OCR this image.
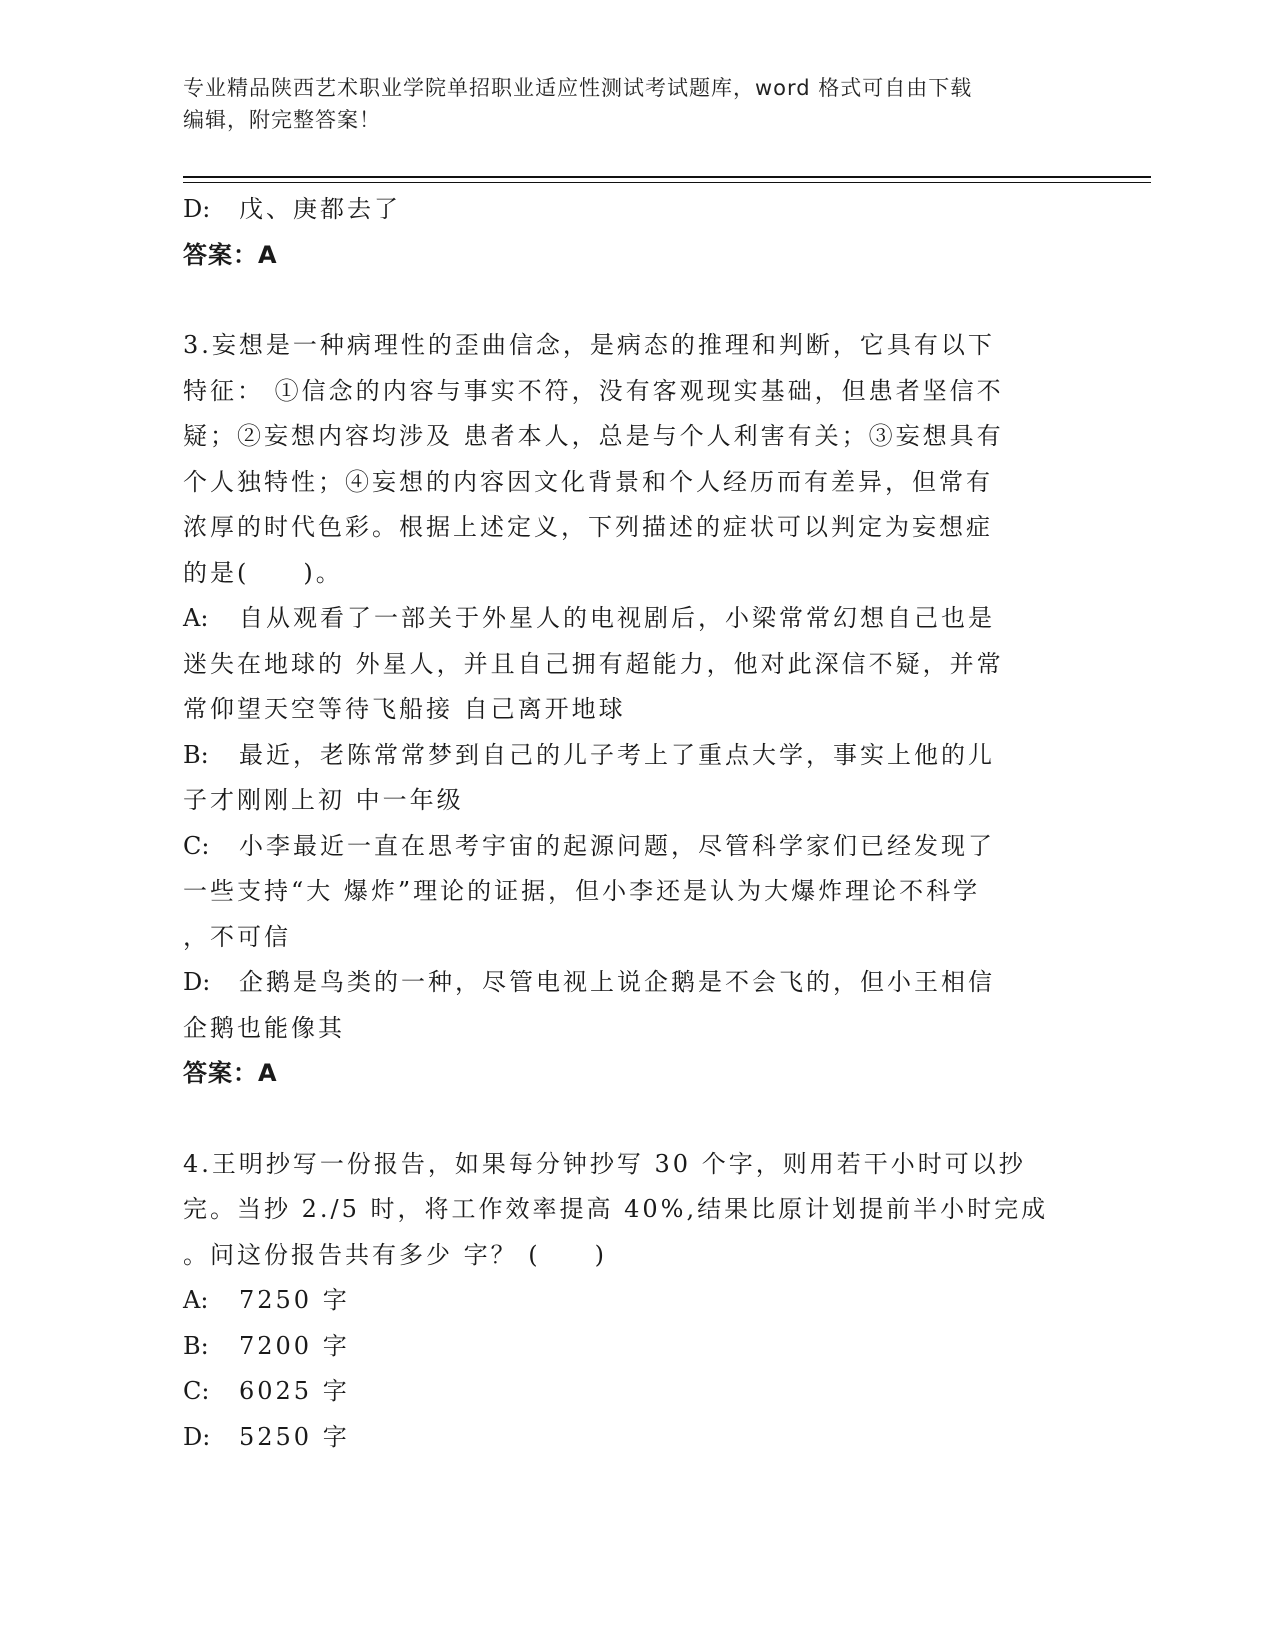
专业精品陕西艺术职业学院单招职业适应性测试考试题库，word 格式可自由下载
编辑，附完整答案！
D: 戊、庚都去了
答案：A
3.妄想是一种病理性的歪曲信念，是病态的推理和判断，它具有以下
特征： ①信念的内容与事实不符，没有客观现实基础，但患者坚信不
疑；②妄想内容均涉及 患者本人，总是与个人利害有关；③妄想具有
个人独特性；④妄想的内容因文化背景和个人经历而有差异，但常有
浓厚的时代色彩。根据上述定义，下列描述的症状可以判定为妄想症
的是(　　)。
A: 自从观看了一部关于外星人的电视剧后，小梁常常幻想自己也是
迷失在地球的 外星人，并且自己拥有超能力，他对此深信不疑，并常
常仰望天空等待飞船接 自己离开地球
B: 最近，老陈常常梦到自己的儿子考上了重点大学，事实上他的儿
子才刚刚上初 中一年级
C: 小李最近一直在思考宇宙的起源问题，尽管科学家们已经发现了
一些支持“大 爆炸”理论的证据，但小李还是认为大爆炸理论不科学
，不可信
D: 企鹅是鸟类的一种，尽管电视上说企鹅是不会飞的，但小王相信
企鹅也能像其
答案：A
4.王明抄写一份报告，如果每分钟抄写 30 个字，则用若干小时可以抄
完。当抄 2./5 时，将工作效率提高 40%,结果比原计划提前半小时完成
。问这份报告共有多少 字？ (　　)
A: 7250 字
B: 7200 字
C: 6025 字
D: 5250 字
